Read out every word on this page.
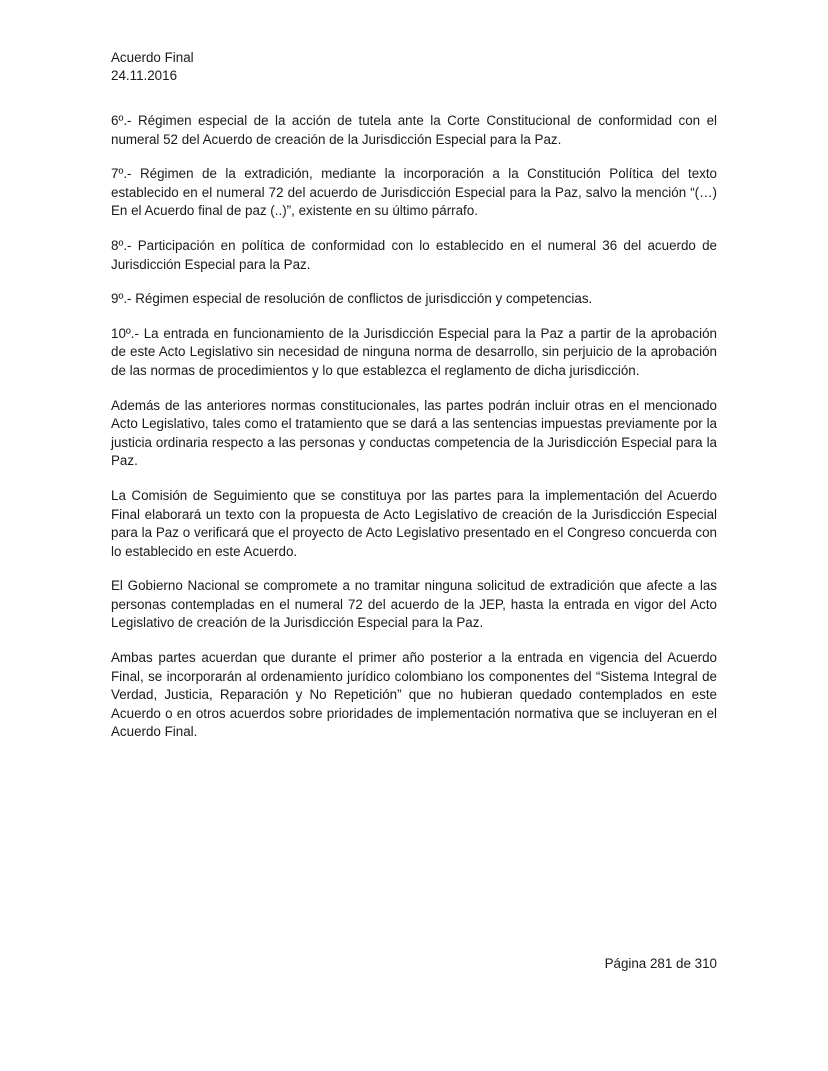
Acuerdo Final
24.11.2016

6º.- Régimen especial de la acción de tutela ante la Corte Constitucional de conformidad con el numeral 52 del Acuerdo de creación de la Jurisdicción Especial para la Paz.

7º.- Régimen de la extradición, mediante la incorporación a la Constitución Política del texto establecido en el numeral 72 del acuerdo de Jurisdicción Especial para la Paz, salvo la mención “(…) En el Acuerdo final de paz (..)”, existente en su último párrafo.

8º.- Participación en política de conformidad con lo establecido en el numeral 36 del acuerdo de Jurisdicción Especial para la Paz.

9º.- Régimen especial de resolución de conflictos de jurisdicción y competencias.

10º.- La entrada en funcionamiento de la Jurisdicción Especial para la Paz a partir de la aprobación de este Acto Legislativo sin necesidad de ninguna norma de desarrollo, sin perjuicio de la aprobación de las normas de procedimientos y lo que establezca el reglamento de dicha jurisdicción.

Además de las anteriores normas constitucionales, las partes podrán incluir otras en el mencionado Acto Legislativo, tales como el tratamiento que se dará a las sentencias impuestas previamente por la justicia ordinaria respecto a las personas y conductas competencia de la Jurisdicción Especial para la Paz.

La Comisión de Seguimiento que se constituya por las partes para la implementación del Acuerdo Final elaborará un texto con la propuesta de Acto Legislativo de creación de la Jurisdicción Especial para la Paz o verificará que el proyecto de Acto Legislativo presentado en el Congreso concuerda con lo establecido en este Acuerdo.

El Gobierno Nacional se compromete a no tramitar ninguna solicitud de extradición que afecte a las personas contempladas en el numeral 72 del acuerdo de la JEP, hasta la entrada en vigor del Acto Legislativo de creación de la Jurisdicción Especial para la Paz.

Ambas partes acuerdan que durante el primer año posterior a la entrada en vigencia del Acuerdo Final, se incorporarán al ordenamiento jurídico colombiano los componentes del “Sistema Integral de Verdad, Justicia, Reparación y No Repetición” que no hubieran quedado contemplados en este Acuerdo o en otros acuerdos sobre prioridades de implementación normativa que se incluyeran en el Acuerdo Final.

Página 281 de 310
